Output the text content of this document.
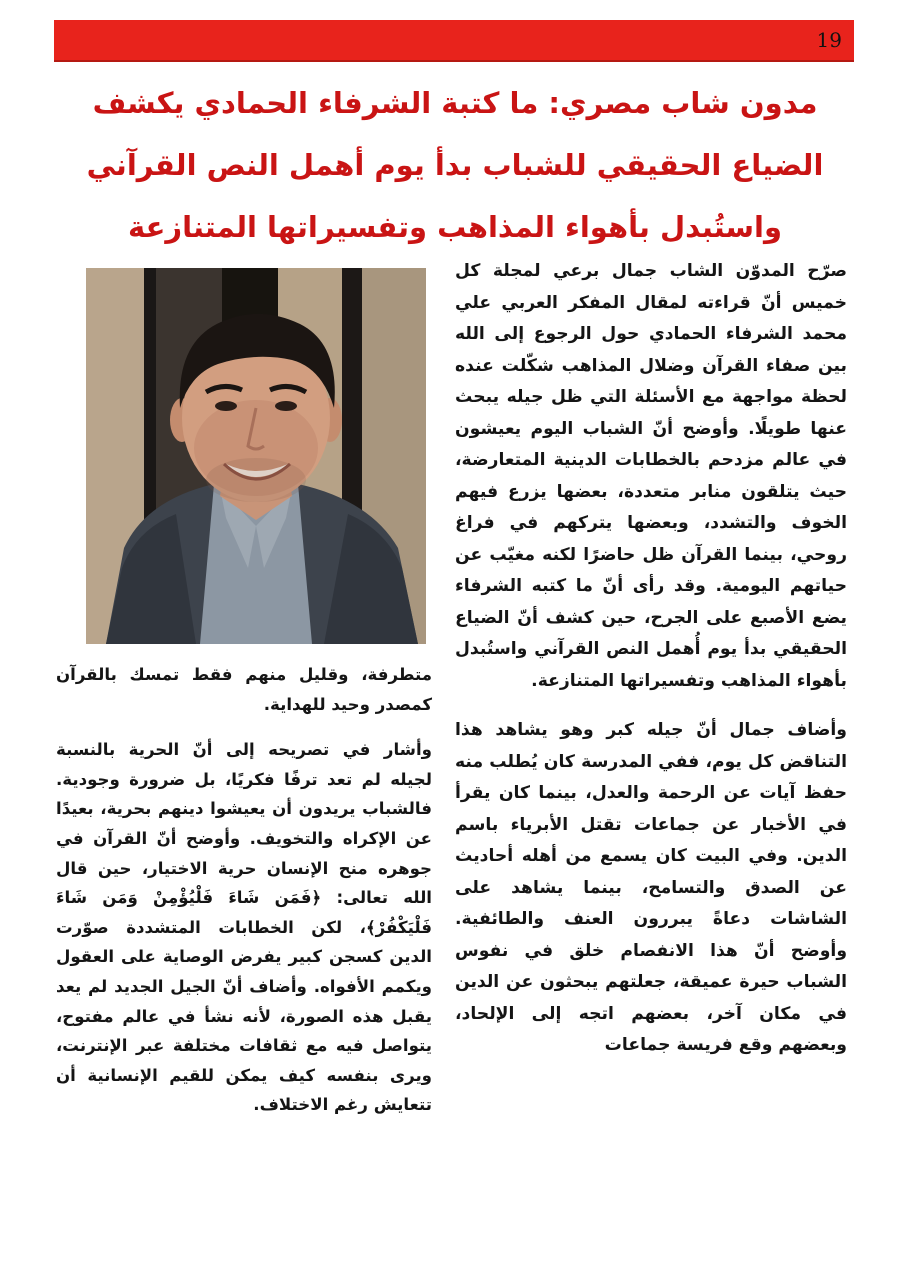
19
مدون شاب مصري: ما كتبة الشرفاء الحمادي يكشف الضياع الحقيقي للشباب بدأ يوم أهمل النص القرآني واستُبدل بأهواء المذاهب وتفسيراتها المتنازعة

صرّح المدوّن الشاب جمال برعي لمجلة كل خميس أنّ قراءته لمقال المفكر العربي علي محمد الشرفاء الحمادي حول الرجوع إلى الله بين صفاء القرآن وضلال المذاهب شكّلت عنده لحظة مواجهة مع الأسئلة التي ظل جيله يبحث عنها طويلًا. وأوضح أنّ الشباب اليوم يعيشون في عالم مزدحم بالخطابات الدينية المتعارضة، حيث يتلقون منابر متعددة، بعضها يزرع فيهم الخوف والتشدد، وبعضها يتركهم في فراغ روحي، بينما القرآن ظل حاضرًا لكنه مغيّب عن حياتهم اليومية. وقد رأى أنّ ما كتبه الشرفاء يضع الأصبع على الجرح، حين كشف أنّ الضياع الحقيقي بدأ يوم أُهمل النص القرآني واستُبدل بأهواء المذاهب وتفسيراتها المتنازعة.

وأضاف جمال أنّ جيله كبر وهو يشاهد هذا التناقض كل يوم، ففي المدرسة كان يُطلب منه حفظ آيات عن الرحمة والعدل، بينما كان يقرأ في الأخبار عن جماعات تقتل الأبرياء باسم الدين. وفي البيت كان يسمع من أهله أحاديث عن الصدق والتسامح، بينما يشاهد على الشاشات دعاةً يبررون العنف والطائفية. وأوضح أنّ هذا الانفصام خلق في نفوس الشباب حيرة عميقة، جعلتهم يبحثون عن الدين في مكان آخر، بعضهم اتجه إلى الإلحاد، وبعضهم وقع فريسة جماعات

متطرفة، وقليل منهم فقط تمسك بالقرآن كمصدر وحيد للهداية.

وأشار في تصريحه إلى أنّ الحرية بالنسبة لجيله لم تعد ترفًا فكريًا، بل ضرورة وجودية. فالشباب يريدون أن يعيشوا دينهم بحرية، بعيدًا عن الإكراه والتخويف. وأوضح أنّ القرآن في جوهره منح الإنسان حرية الاختيار، حين قال الله تعالى: ﴿فَمَن شَاءَ فَلْيُؤْمِنْ وَمَن شَاءَ فَلْيَكْفُرْ﴾، لكن الخطابات المتشددة صوّرت الدين كسجن كبير يفرض الوصاية على العقول ويكمم الأفواه. وأضاف أنّ الجيل الجديد لم يعد يقبل هذه الصورة، لأنه نشأ في عالم مفتوح، يتواصل فيه مع ثقافات مختلفة عبر الإنترنت، ويرى بنفسه كيف يمكن للقيم الإنسانية أن تتعايش رغم الاختلاف.
